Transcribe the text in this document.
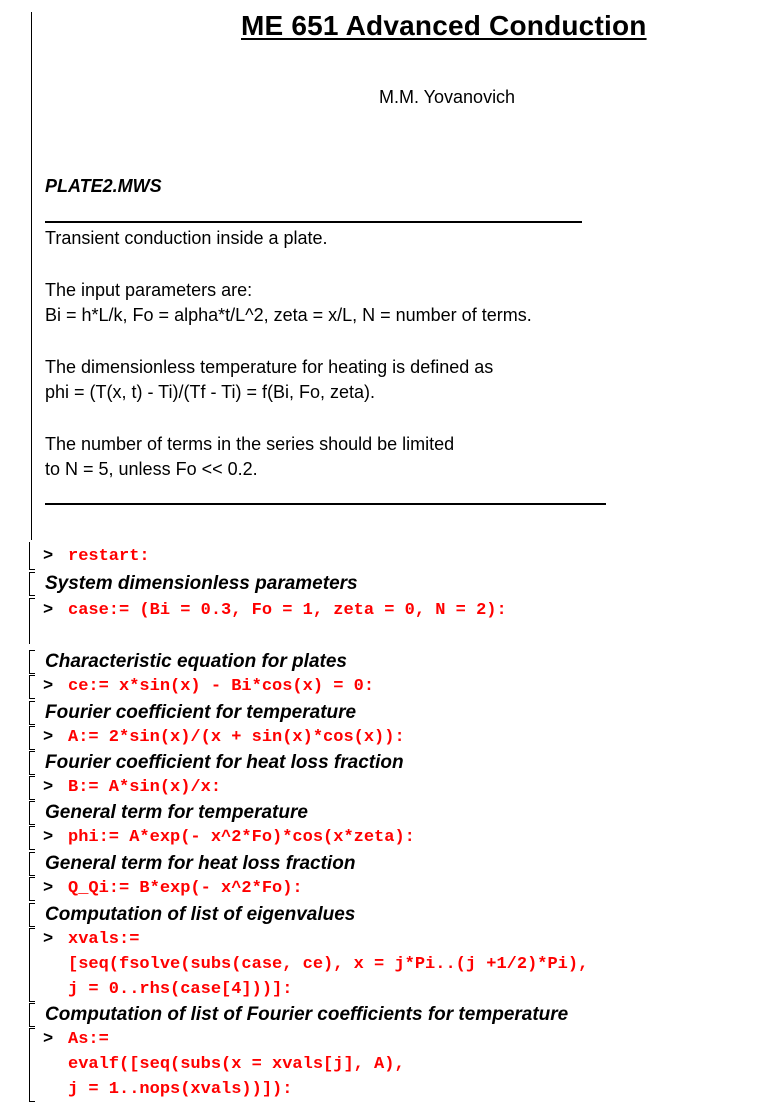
ME 651 Advanced Conduction
M.M. Yovanovich
PLATE2.MWS
Transient conduction inside a plate.
The input parameters are:
Bi = h*L/k, Fo = alpha*t/L^2, zeta = x/L, N = number of terms.
The dimensionless temperature for heating is defined as
phi = (T(x, t) - Ti)/(Tf - Ti) = f(Bi, Fo, zeta).
The number of terms in the series should be limited
to N = 5, unless Fo << 0.2.
> restart:
System dimensionless parameters
> case:= (Bi = 0.3, Fo = 1, zeta = 0, N = 2):
Characteristic equation for plates
> ce:= x*sin(x) - Bi*cos(x) = 0:
Fourier coefficient for temperature
> A:= 2*sin(x)/(x + sin(x)*cos(x)):
Fourier coefficient for heat loss fraction
> B:= A*sin(x)/x:
General term for temperature
> phi:= A*exp(- x^2*Fo)*cos(x*zeta):
General term for heat loss fraction
> Q_Qi:= B*exp(- x^2*Fo):
Computation of list of eigenvalues
> xvals:=
[seq(fsolve(subs(case, ce), x = j*Pi..(j +1/2)*Pi),
j = 0..rhs(case[4]))]:
Computation of list of Fourier coefficients for temperature
> As:=
evalf([seq(subs(x = xvals[j], A),
j = 1..nops(xvals))]):
